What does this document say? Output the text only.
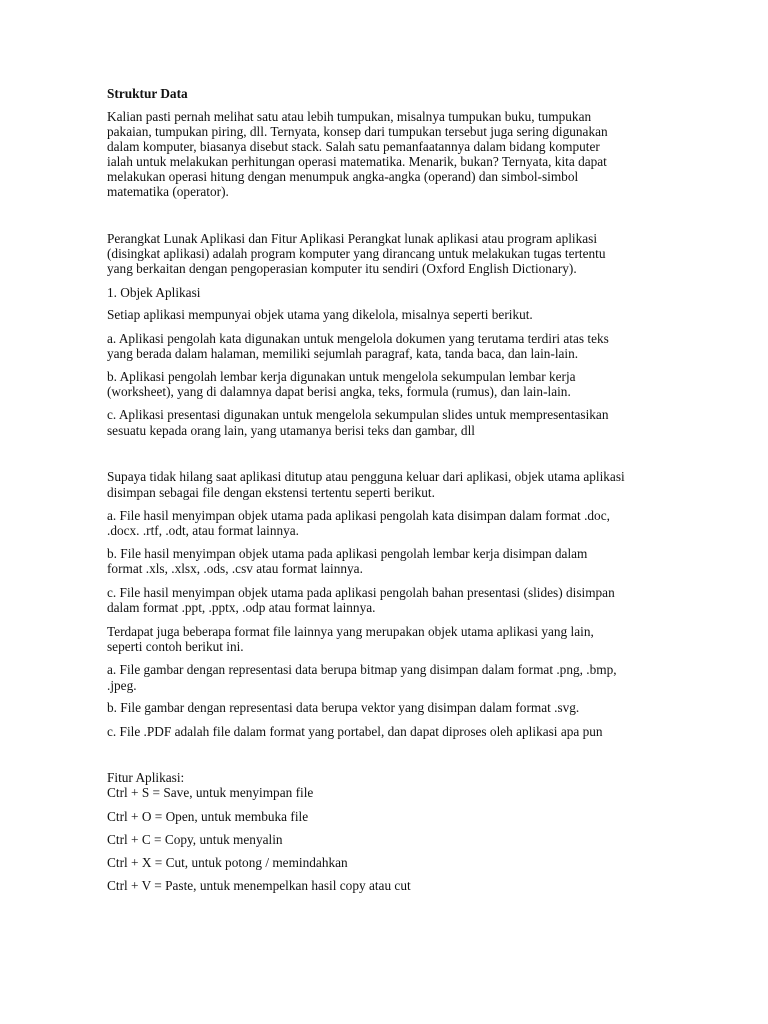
Struktur Data

Kalian pasti pernah melihat satu atau lebih tumpukan, misalnya tumpukan buku, tumpukan

pakaian, tumpukan piring, dll. Ternyata, konsep dari tumpukan tersebut juga sering digunakan

dalam komputer, biasanya disebut stack. Salah satu pemanfaatannya dalam bidang komputer

ialah untuk melakukan perhitungan operasi matematika. Menarik, bukan? Ternyata, kita dapat

melakukan operasi hitung dengan menumpuk angka-angka (operand) dan simbol-simbol

matematika (operator).

Perangkat Lunak Aplikasi dan Fitur Aplikasi Perangkat lunak aplikasi atau program aplikasi

(disingkat aplikasi) adalah program komputer yang dirancang untuk melakukan tugas tertentu

yang berkaitan dengan pengoperasian komputer itu sendiri (Oxford English Dictionary).

1. Objek Aplikasi

Setiap aplikasi mempunyai objek utama yang dikelola, misalnya seperti berikut.

a. Aplikasi pengolah kata digunakan untuk mengelola dokumen yang terutama terdiri atas teks

yang berada dalam halaman, memiliki sejumlah paragraf, kata, tanda baca, dan lain-lain.

b. Aplikasi pengolah lembar kerja digunakan untuk mengelola sekumpulan lembar kerja

(worksheet), yang di dalamnya dapat berisi angka, teks, formula (rumus), dan lain-lain.

c. Aplikasi presentasi digunakan untuk mengelola sekumpulan slides untuk mempresentasikan

sesuatu kepada orang lain, yang utamanya berisi teks dan gambar, dll

Supaya tidak hilang saat aplikasi ditutup atau pengguna keluar dari aplikasi, objek utama aplikasi

disimpan sebagai file dengan ekstensi tertentu seperti berikut.

a. File hasil menyimpan objek utama pada aplikasi pengolah kata disimpan dalam format .doc,

.docx. .rtf, .odt, atau format lainnya.

b. File hasil menyimpan objek utama pada aplikasi pengolah lembar kerja disimpan dalam

format .xls, .xlsx, .ods, .csv atau format lainnya.

c. File hasil menyimpan objek utama pada aplikasi pengolah bahan presentasi (slides) disimpan

dalam format .ppt, .pptx, .odp atau format lainnya.

Terdapat juga beberapa format file lainnya yang merupakan objek utama aplikasi yang lain,

seperti contoh berikut ini.

a. File gambar dengan representasi data berupa bitmap yang disimpan dalam format .png, .bmp,

.jpeg.

b. File gambar dengan representasi data berupa vektor yang disimpan dalam format .svg.

c. File .PDF adalah file dalam format yang portabel, dan dapat diproses oleh aplikasi apa pun

Fitur Aplikasi:

Ctrl + S = Save, untuk menyimpan file

Ctrl + O = Open, untuk membuka file

Ctrl + C = Copy, untuk menyalin

Ctrl + X = Cut, untuk potong / memindahkan

Ctrl + V = Paste, untuk menempelkan hasil copy atau cut
